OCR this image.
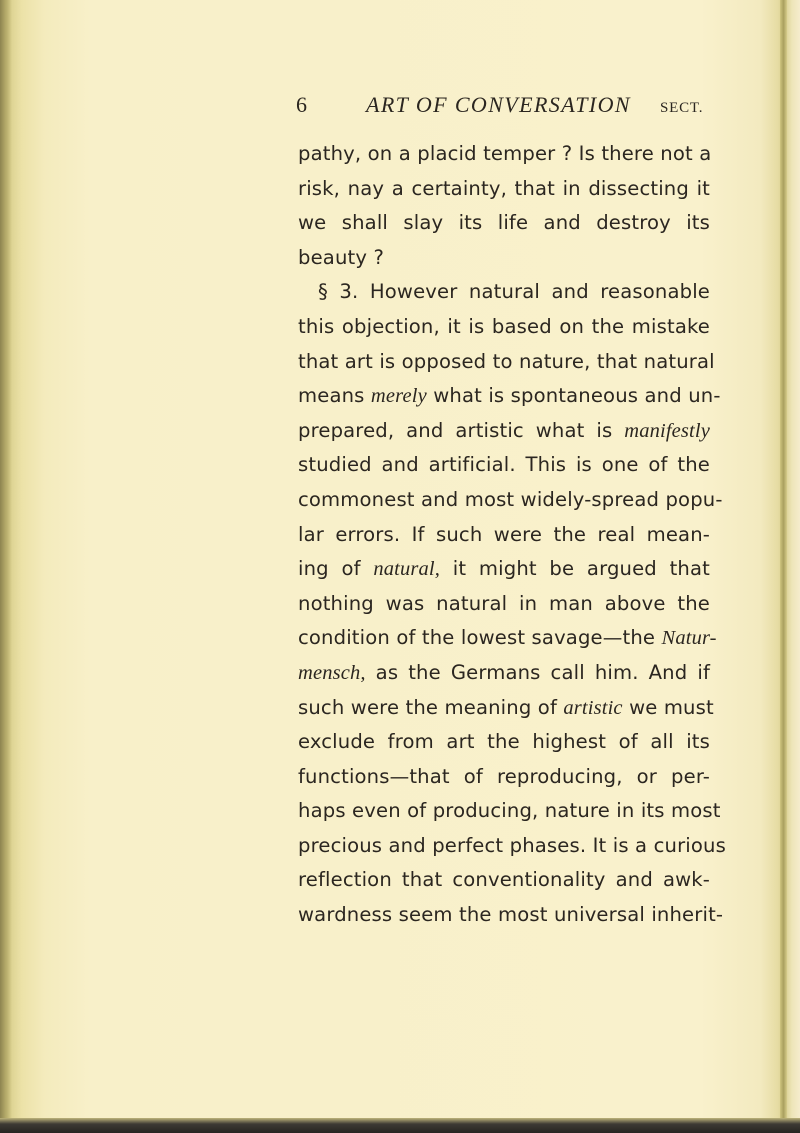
6	ART OF CONVERSATION SECT.
pathy, on a placid temper ? Is there not a
risk, nay a certainty, that in dissecting it
we shall slay its life and destroy its
beauty ?
§ 3. However natural and reasonable
this objection, it is based on the mistake
that art is opposed to nature, that natural
means merely what is spontaneous and un-
prepared, and artistic what is manifestly
studied and artificial. This is one of the
commonest and most widely-spread popu-
lar errors. If such were the real mean-
ing of natural, it might be argued that
nothing was natural in man above the
condition of the lowest savage—the Natur-
mensch, as the Germans call him. And if
such were the meaning of artistic we must
exclude from art the highest of all its
functions—that of reproducing, or per-
haps even of producing, nature in its most
precious and perfect phases. It is a curious
reflection that conventionality and awk-
wardness seem the most universal inherit-
